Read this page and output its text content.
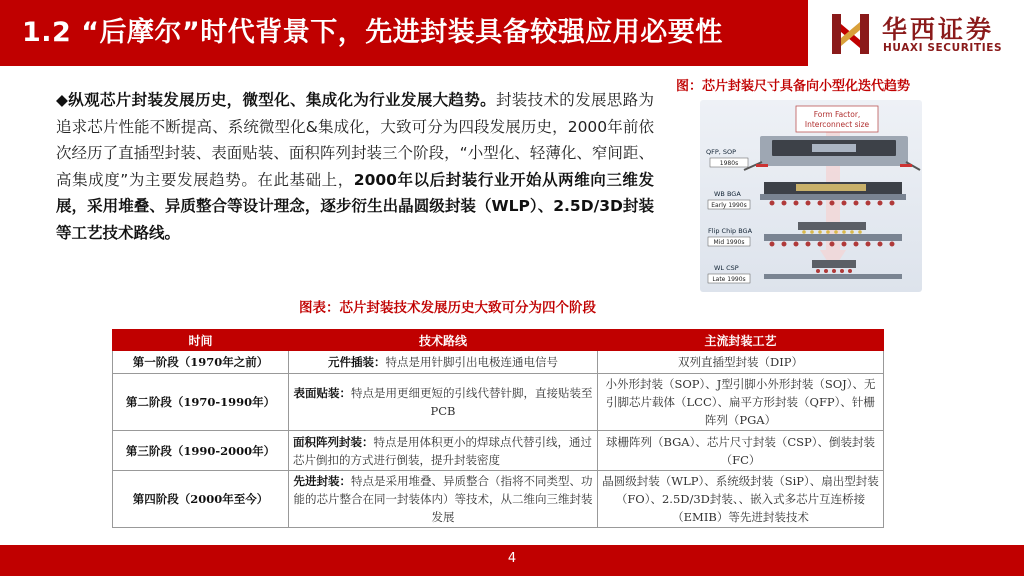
1.2 “后摩尔”时代背景下，先进封装具备较强应用必要性	华西证券
HUAXI SECURITIES
◆纵观芯片封装发展历史，微型化、集成化为行业发展大趋势。封装技术的发展思路为追求芯片性能不断提高、系统微型化&集成化，大致可分为四段发展历史，2000年前依次经历了直插型封装、表面贴装、面积阵列封装三个阶段，“小型化、轻薄化、窄间距、高集成度”为主要发展趋势。在此基础上，2000年以后封装行业开始从两维向三维发展，采用堆叠、异质整合等设计理念，逐步衍生出晶圆级封装（WLP）、2.5D/3D封装等工艺技术路线。
图：芯片封装尺寸具备向小型化迭代趋势
Form Factor,
Interconnect size
QFP, SOP
1980s
WB BGA
Early 1990s
Flip Chip BGA
Mid 1990s
WL CSP
Late 1990s
图表：芯片封装技术发展历史大致可分为四个阶段
时间	技术路线	主流封装工艺
第一阶段（1970年之前）	元件插装：特点是用针脚引出电极连通电信号	双列直插型封装（DIP）
第二阶段（1970-1990年）	表面贴装：特点是用更细更短的引线代替针脚，直接贴装至PCB	小外形封装（SOP）、J型引脚小外形封装（SOJ）、无引脚芯片载体（LCC）、扁平方形封装（QFP）、针栅阵列（PGA）
第三阶段（1990-2000年）	面积阵列封装：特点是用体积更小的焊球点代替引线，通过芯片倒扣的方式进行倒装，提升封装密度	球栅阵列（BGA）、芯片尺寸封装（CSP）、倒装封装（FC）
第四阶段（2000年至今）	先进封装：特点是采用堆叠、异质整合（指将不同类型、功能的芯片整合在同一封装体内）等技术，从二维向三维封装发展	晶圆级封装（WLP）、系统级封装（SiP）、扇出型封装（FO）、2.5D/3D封装、、嵌入式多芯片互连桥接（EMIB）等先进封装技术
4
